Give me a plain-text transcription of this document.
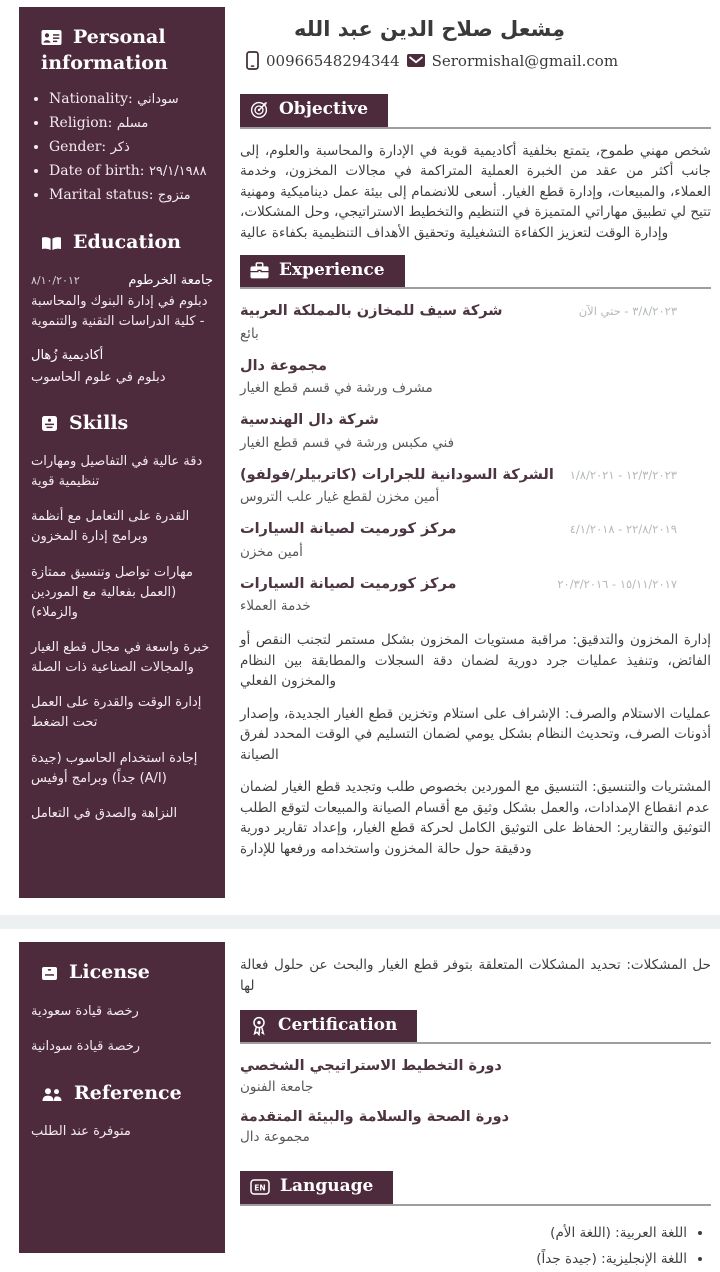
Personal information
• Nationality: سوداني
• Religion: مسلم
• Gender: ذكر
• Date of birth: ٢٩/١/١٩٨٨
• Marital status: متزوج
Education
٨/١٠/٢٠١٢	جامعة الخرطوم
دبلوم في إدارة البنوك والمحاسبة - كلية الدراسات التقنية والتنموية
أكاديمية زُهال
دبلوم في علوم الحاسوب
Skills
دقة عالية في التفاصيل ومهارات تنظيمية قوية
القدرة على التعامل مع أنظمة وبرامج إدارة المخزون
مهارات تواصل وتنسيق ممتازة (العمل بفعالية مع الموردين والزملاء)
خبرة واسعة في مجال قطع الغيار والمجالات الصناعية ذات الصلة
إدارة الوقت والقدرة على العمل تحت الضغط
إجادة استخدام الحاسوب (جيدة جداً) وبرامج أوفيس (A/I)
النزاهة والصدق في التعامل
مِشعل صلاح الدين عبد الله
00966548294344 Serormishal@gmail.com
Objective

شخص مهني طموح، يتمتع بخلفية أكاديمية قوية في الإدارة والمحاسبة والعلوم، إلى جانب أكثر من عقد من الخبرة العملية المتراكمة في مجالات المخزون، وخدمة العملاء، والمبيعات، وإدارة قطع الغيار. أسعى للانضمام إلى بيئة عمل ديناميكية ومهنية تتيح لي تطبيق مهاراتي المتميزة في التنظيم والتخطيط الاستراتيجي، وحل المشكلات، وإدارة الوقت لتعزيز الكفاءة التشغيلية وتحقيق الأهداف التنظيمية بكفاءة عالية

Experience
شركة سيف للمخازن بالمملكة العربية	٣/٨/٢٠٢٣ - حتي الآن
بائع
مجموعة دال
مشرف ورشة في قسم قطع الغيار
شركة دال الهندسية
فني مكبس ورشة في قسم قطع الغيار
الشركة السودانية للجرارات (كاتربيلر/فولفو) ١٢/٣/٢٠٢٣ - ١/٨/٢٠٢١
أمين مخزن لقطع غيار علب التروس
مركز كورميت لصيانة السيارات	٢٢/٨/٢٠١٩ - ٤/١/٢٠١٨
أمين مخزن
مركز كورميت لصيانة السيارات	١٥/١١/٢٠١٧ - ٢٠/٣/٢٠١٦
خدمة العملاء

إدارة المخزون والتدقيق: مراقبة مستويات المخزون بشكل مستمر لتجنب النقص أو الفائض، وتنفيذ عمليات جرد دورية لضمان دقة السجلات والمطابقة بين النظام والمخزون الفعلي

عمليات الاستلام والصرف: الإشراف على استلام وتخزين قطع الغيار الجديدة، وإصدار أذونات الصرف، وتحديث النظام بشكل يومي لضمان التسليم في الوقت المحدد لفرق الصيانة

المشتريات والتنسيق: التنسيق مع الموردين بخصوص طلب وتجديد قطع الغيار لضمان عدم انقطاع الإمدادات، والعمل بشكل وثيق مع أقسام الصيانة والمبيعات لتوقع الطلب

التوثيق والتقارير: الحفاظ على التوثيق الكامل لحركة قطع الغيار، وإعداد تقارير دورية ودقيقة حول حالة المخزون واستخدامه ورفعها للإدارة

License
رخصة قيادة سعودية
رخصة قيادة سودانية
Reference
متوفرة عند الطلب

حل المشكلات: تحديد المشكلات المتعلقة بتوفر قطع الغيار والبحث عن حلول فعالة لها

Certification
دورة التخطيط الاستراتيجي الشخصي
جامعة الفنون
دورة الصحة والسلامة والبيئة المتقدمة
مجموعة دال
EN Language
• اللغة العربية: (اللغة الأم)
• اللغة الإنجليزية: (جيدة جداً)
